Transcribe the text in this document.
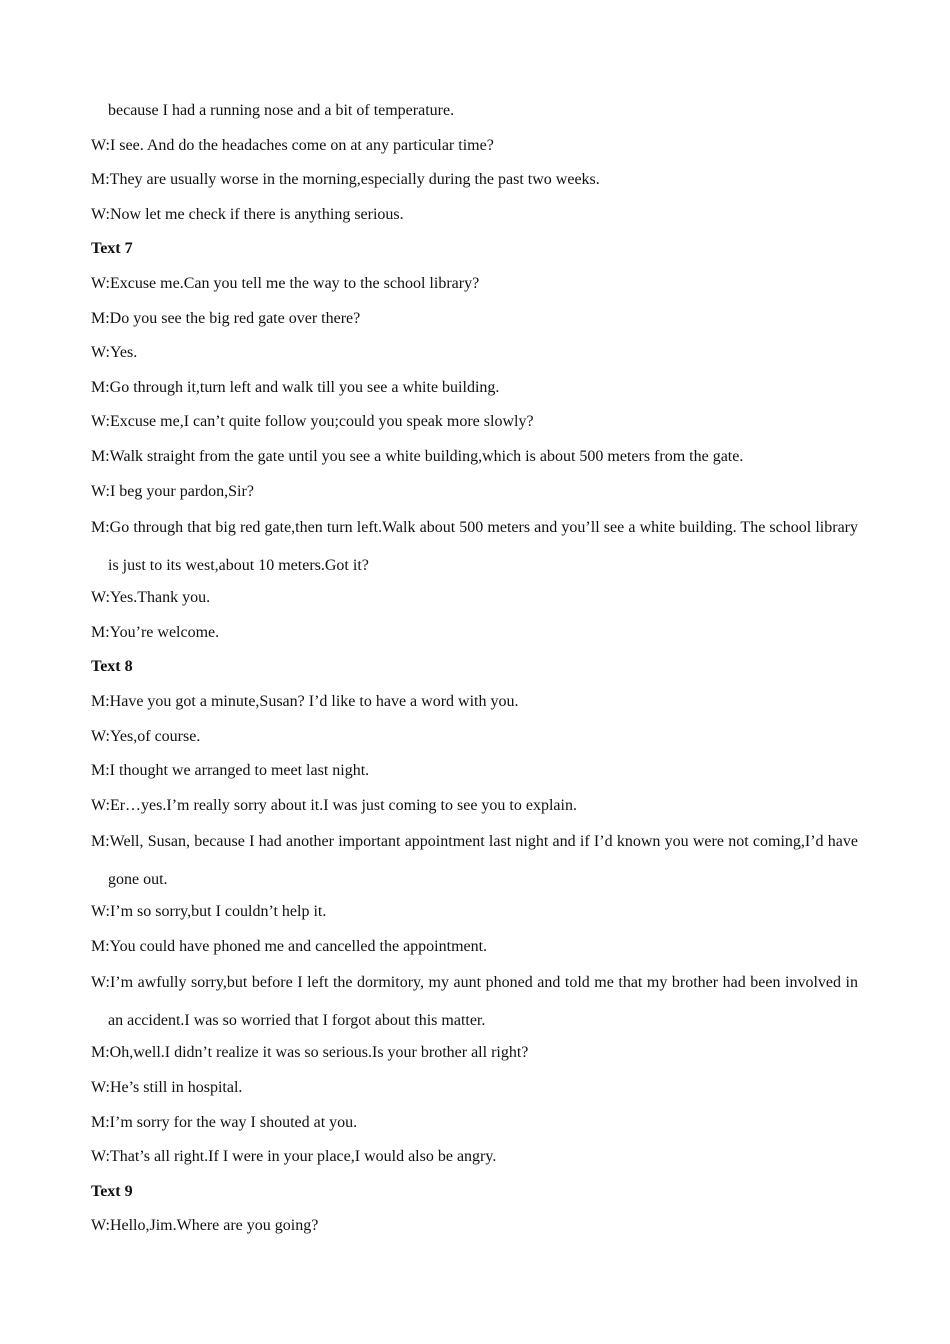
because I had a running nose and a bit of temperature.
W:I see. And do the headaches come on at any particular time?
M:They are usually worse in the morning,especially during the past two weeks.
W:Now let me check if there is anything serious.
Text 7
W:Excuse me.Can you tell me the way to the school library?
M:Do you see the big red gate over there?
W:Yes.
M:Go through it,turn left and walk till you see a white building.
W:Excuse me,I can’t quite follow you;could you speak more slowly?
M:Walk straight from the gate until you see a white building,which is about 500 meters from the gate.
W:I beg your pardon,Sir?
M:Go through that big red gate,then turn left.Walk about 500 meters and you’ll see a white building. The school library is just to its west,about 10 meters.Got it?
W:Yes.Thank you.
M:You’re welcome.
Text 8
M:Have you got a minute,Susan? I’d like to have a word with you.
W:Yes,of course.
M:I thought we arranged to meet last night.
W:Er…yes.I’m really sorry about it.I was just coming to see you to explain.
M:Well, Susan, because I had another important appointment last night and if I’d known you were not coming,I’d have gone out.
W:I’m so sorry,but I couldn’t help it.
M:You could have phoned me and cancelled the appointment.
W:I’m awfully sorry,but before I left the dormitory, my aunt phoned and told me that my brother had been involved in an accident.I was so worried that I forgot about this matter.
M:Oh,well.I didn’t realize it was so serious.Is your brother all right?
W:He’s still in hospital.
M:I’m sorry for the way I shouted at you.
W:That’s all right.If I were in your place,I would also be angry.
Text 9
W:Hello,Jim.Where are you going?
